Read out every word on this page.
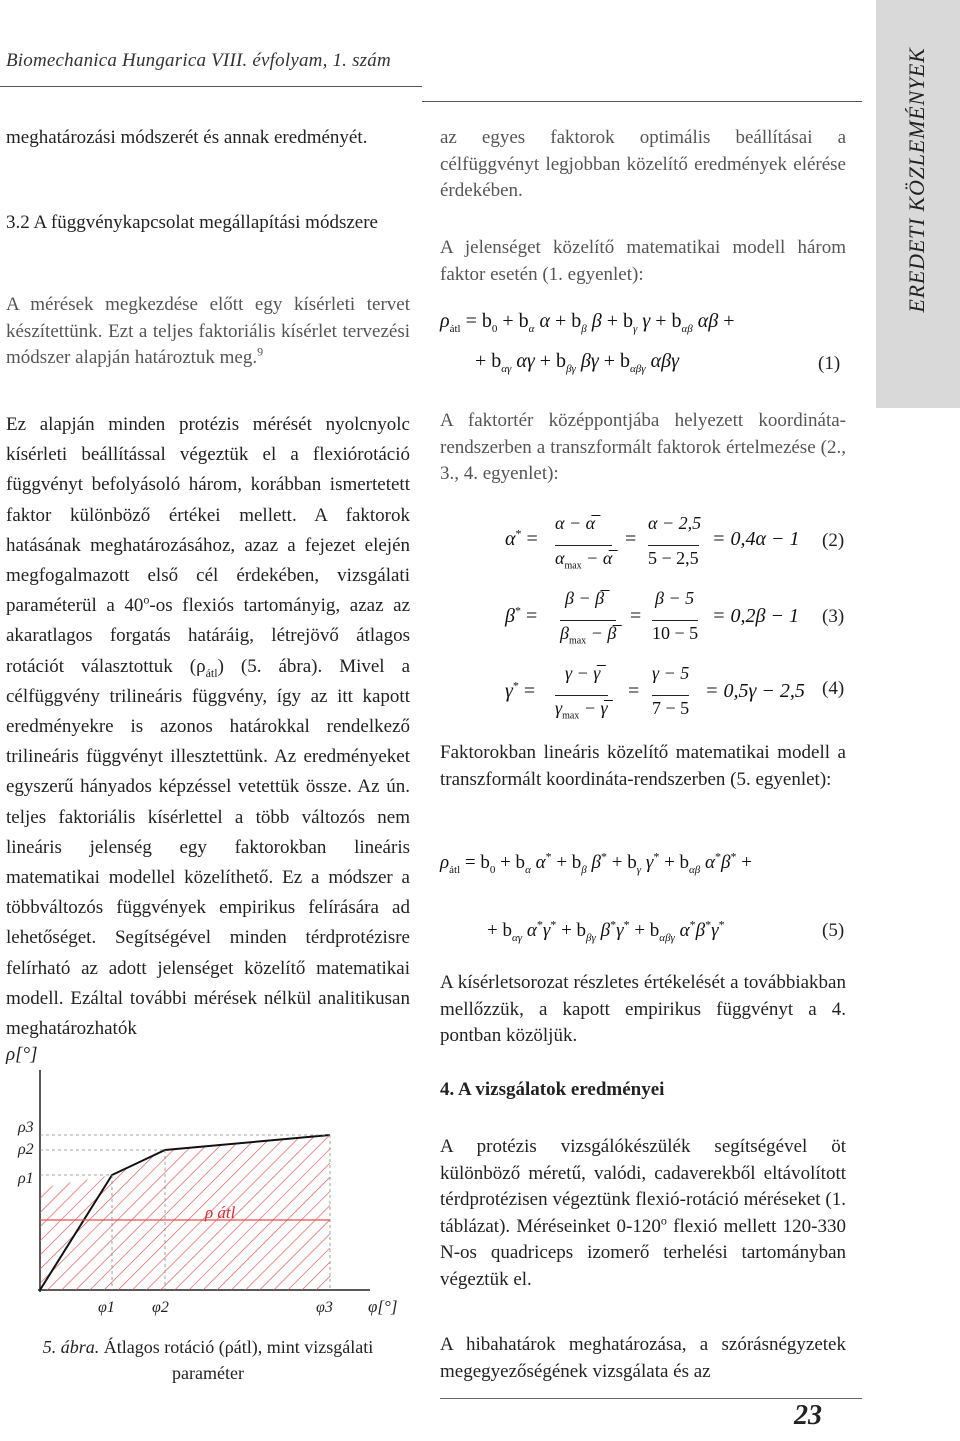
Biomechanica Hungarica VIII. évfolyam, 1. szám	EREDETI KÖZLEMÉNYEK
meghatározási módszerét és annak eredményét.
3.2 A függvénykapcsolat megállapítási módszere
A mérések megkezdése előtt egy kísérleti tervet készítettünk. Ezt a teljes faktoriális kísérlet tervezési módszer alapján határoztuk meg.$^9$
Ez alapján minden protézis mérését nyolcnyolc kísérleti beállítással végeztük el a flexiórotáció függvényt befolyásoló három, korábban ismertetett faktor különböző értékei mellett. A faktorok hatásának meghatározásához, azaz a fejezet elején megfogalmazott első cél érdekében, vizsgálati paraméterül a 40$^o$-os flexiós tartományig, azaz az akaratlagos forgatás határáig, létrejövő átlagos rotációt választottuk $(\rho_{átl})$ (5. ábra). Mivel a célfüggvény trilineáris függvény, így az itt kapott eredményekre is azonos határokkal rendelkező trilineáris függvényt illesztettünk. Az eredményeket egyszerű hányados képzéssel vetettük össze. Az ún. teljes faktoriális kísérlettel a több változós nem lineáris jelenség egy faktorokban lineáris matematikai modellel közelíthető. Ez a módszer a többváltozós függvények empirikus felírására ad lehetőséget. Segítségével minden térdprotézisre felírható az adott jelenséget közelítő matematikai modell. Ezáltal további mérések nélkül analitikusan meghatározhatók
ρ[°]
ρ3
ρ2
ρ1
ρ átl
φ1 φ2	φ3 φ[°]
5. ábra. Átlagos rotáció (ρátl), mint vizsgálati paraméter
az egyes faktorok optimális beállításai a célfüggvényt legjobban közelítő eredmények elérése érdekében.
A jelenséget közelítő matematikai modell három faktor esetén (1. egyenlet):
$\rho_{átl} = b_0 + b_\alpha$ $\alpha + b_\beta$ $\beta + b_\gamma$ $\gamma + b_{\alpha\beta}$ αβ +
+ $b_{\alpha\gamma}$ $\alpha\gamma + b_{\beta\gamma}$ $\beta\gamma + b_{\alpha\beta\gamma}$ αβγ	(1)
A faktortér középpontjába helyezett koordináta-rendszerben a transzformált faktorok értelmezése (2., 3., 4. egyenlet):
α* =
α − α̅
$\alpha_{max}$ − α̅
=
α − 2,5
5 − 2,5
= 0,4α − 1 (2)
β* =
β − β̅
$\beta_{max}$ − β̅
=
β − 5
10 − 5
= 0,2β − 1 (3)
γ* =
γ − γ̅
$\gamma_{max}$ − γ̅
=
γ − 5
7 − 5
= 0,5γ − 2,5 (4)
Faktorokban lineáris közelítő matematikai modell a transzformált koordináta-rendszerben (5. egyenlet):
$\rho_{átl} = b_0 + b_\alpha$ $\alpha^* + b_\beta$ $\beta^* + b_\gamma$ $\gamma^* + b_{\alpha\beta}$ α*β* +
+ $b_{\alpha\gamma}$ $\alpha^*\gamma^* + b_{\beta\gamma}$ $\beta^*\gamma^* + b_{\alpha\beta\gamma}$ α*β*γ*	(5)
A kísérletsorozat részletes értékelését a továbbiakban mellőzzük, a kapott empirikus függvényt a 4. pontban közöljük.
4. A vizsgálatok eredményei
A protézis vizsgálókészülék segítségével öt különböző méretű, valódi, cadaverekből eltávolított térdprotézisen végeztünk flexió-rotáció méréseket (1. táblázat). Méréseinket 0-120$^o$ flexió mellett 120-330 N-os quadriceps izomerő terhelési tartományban végeztük el.
A hibahatárok meghatározása, a szórásnégyzetek megegyezőségének vizsgálata és az
23
